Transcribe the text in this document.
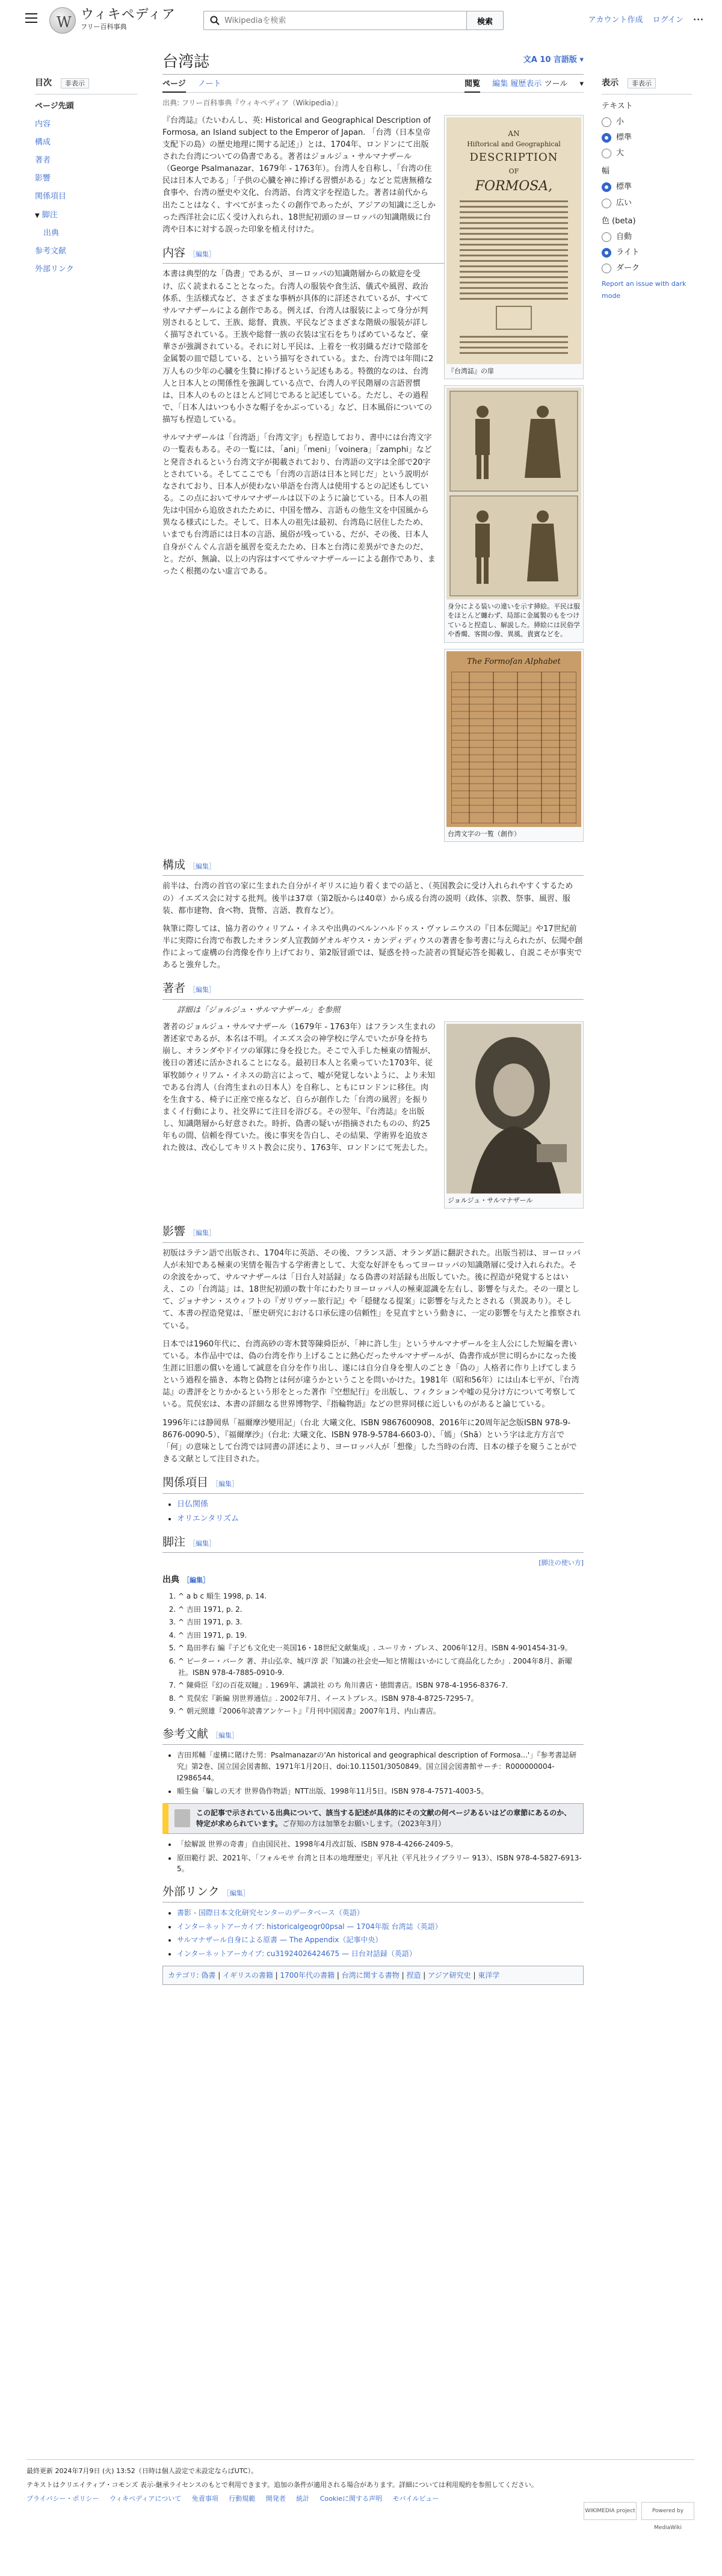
W ウィキペディア
フリー百科事典
Wikipediaを検索
検索	アカウント作成 ログイン ···
目次 非表示
ページ先頭
内容
構成
著者
影響
関係項目
▼ 脚注
出典
参考文献
外部リンク
表示 非表示
テキスト
小
標準
大
幅
標準
広い
色 (beta)
自動
ライト
ダーク
Report an issue with dark mode
台湾誌	文A 10 言語版 ▾
ページ ノート	閲覧 編集 履歴表示 ツール ▾
出典: フリー百科事典『ウィキペディア（Wikipedia）』
AN
Hiſtorical and Geographical
DESCRIPTION
OF
FORMOSA,
『台湾誌』の扉

『台湾誌』（たいわんし、英: Historical and Geographical Description of Formosa, an Island subject to the Emperor of Japan. 「台湾（日本皇帝支配下の島）の歴史地理に関する記述」）とは、1704年、ロンドンにて出版された台湾についての偽書である。著者はジョルジュ・サルマナザール（George Psalmanazar、1679年 - 1763年）。台湾人を自称し、「台湾の住民は日本人である」「子供の心臓を神に捧げる習慣がある」などと荒唐無稽な食事や、台湾の歴史や文化、台湾語、台湾文字を捏造した。著者は前代から出たことはなく、すべてがまったくの創作であったが、アジアの知識に乏しかった西洋社会に広く受け入れられ、18世紀初頭のヨーロッパの知識階級に台湾や日本に対する誤った印象を植え付けた。

内容 ［編集］
身分による装いの違いを示す挿絵。平民は服をほとんど纏わず、局部に金属製のもをつけていると捏造し、解説した。挿絵には民俗学や香燭、客間の像、異風、貴賓などを。

本書は典型的な「偽書」であるが、ヨーロッパの知識階層からの歓迎を受け、広く読まれることとなった。台湾人の服装や食生活、儀式や風習、政治体系、生活様式など、さまざまな事柄が具体的に詳述されているが、すべてサルマナザールによる創作である。例えば、台湾人は服装によって身分が判別されるとして、王族、総督、貴族、平民などさまざまな階級の服装が詳しく描写されている。王族や総督一族の衣装は宝石をちりばめているなど、豪華さが強調されている。それに対し平民は、上着を一枚羽織るだけで陰部を金属製の皿で隠している、という描写をされている。また、台湾では年間に2万人もの少年の心臓を生贄に捧げるという記述もある。特徴的なのは、台湾人と日本人との関係性を強調している点で、台湾人の平民階層の言語習慣は、日本人のものとほとんど同じであると記述している。ただし、その過程で、「日本人はいつも小さな帽子をかぶっている」など、日本風俗についての描写も捏造している。

The Formoſan Alphabet
台湾文字の一覧（創作）

サルマナザールは「台湾語」「台湾文字」も捏造しており、書中には台湾文字の一覧表もある。その一覧には、「ani」「meni」「voinera」「zamphi」などと発音されるという台湾文字が掲載されており、台湾語の文字は全部で20字とされている。そしてここでも「台湾の言語は日本と同じだ」という説明がなされており、日本人が使わない単語を台湾人は使用するとの記述もしている。この点においてサルマナザールは以下のように論じている。日本人の祖先は中国から追放されたために、中国を憎み、言語もの他生文を中国風から異なる様式にした。そして、日本人の祖先は最初、台湾島に居住したため、いまでも台湾語には日本の言語、風俗が残っている、だが、その後、日本人自身がぐんぐん言語を風習を変えたため、日本と台湾に差異ができたのだ、と。だが、無論、以上の内容はすべてサルマナザールーによる創作であり、まったく根拠のない虚言である。

構成 ［編集］

前半は、台湾の首官の家に生まれた自分がイギリスに辿り着くまでの話と、（英国教会に受け入れられやすくするための）イエズス会に対する批判。後半は37章（第2版からは40章）から成る台湾の説明（政体、宗教、祭事、風習、服装、都市建物、食べ物、貨幣、言語、教育など）。

執筆に際しては、協力者のウィリアム・イネスや出典のベルンハルドゥス・ヴァレニウスの『日本伝聞記』や17世紀前半に実際に台湾で布教したオランダ人宣教師ゲオルギウス・カンディディウスの著書を参考書に与えられたが、伝聞や創作によって虚構の台湾像を作り上げており、第2版冒頭では、疑惑を持った読者の質疑応答を掲載し、自説こそが事実であると強弁した。

著者 ［編集］
詳細は「ジョルジュ・サルマナザール」を参照
ジョルジュ・サルマナザール

著者のジョルジュ・サルマナザール（1679年 - 1763年）はフランス生まれの著述家であるが、本名は不明。イエズス会の神学校に学んでいたが身を持ち崩し、オランダやドイツの軍隊に身を投じた。そこで入手した極東の情報が、後日の著述に活かされることになる。最初日本人と名乗っていた1703年、従軍牧師ウィリアム・イネスの助言によって、嘘が発覚しないように、より未知である台湾人（台湾生まれの日本人）を自称し、ともにロンドンに移住。肉を生食する、椅子に正座で座るなど、自らが創作した「台湾の風習」を振りまくイ行動により、社交界にて注目を浴びる。その翌年、『台湾誌』を出版し、知識階層から好意された。時折、偽書の疑いが指摘されたものの、約25年もの間、信頼を得ていた。後に事実を告白し、その結果、学術界を追放された彼は、改心してキリスト教会に戻り、1763年、ロンドンにて死去した。

影響 ［編集］

初版はラテン語で出版され、1704年に英語、その後、フランス語、オランダ語に翻訳された。出版当初は、ヨーロッパ人が未知である極東の実情を報告する学術書として、大変な好評をもってヨーロッパの知識階層に受け入れられた。その余波をかって、サルマナザールは「日台人対話録」なる偽書の対話録も出版していた。後に捏造が発覚するとはいえ、この「台湾誌」は、18世紀初頭の数十年にわたりヨーロッパ人の極東認識を左右し、影響を与えた。その一環として、ジョナサン・スウィフトの『ガリヴァー旅行記』や「穏健なる提案」に影響を与えたとされる（異説あり）。そして、本書の捏造発覚は、「歴史研究における口承伝達の信頼性」を見直すという動きに、一定の影響を与えたと推察されている。

日本では1960年代に、台湾高砂の寄木賛等陳舜臣が、「神に許し生」というサルマナザールを主人公にした短編を書いている。本作品中では、偽の台湾を作り上げることに熱心だったサルマナザールが、偽書作成が世に明らかになった後生涯に旧悪の償いを通して誠意を自分を作り出し、遂には自分自身を聖人のごとき「偽の」人格者に作り上げてしまうという過程を描き、本物と偽物とは何が違うかということを問いかけた。1981年（昭和56年）には山本七平が、『台湾誌』の書評をとりかかるという形をとった著作『空想紀行』を出版し、フィクションや嘘の見分け方について考察している。荒俣宏は、本書の詳細なる世界博物学、『指輪物語』などの世界同様に近しいものがあると論じている。

1996年には静岡県「福爾摩沙變用記」（台北 大曦文化、ISBN 9867600908、2016年に20周年記念版ISBN 978-9-8676-0090-5）、『福爾摩沙』（台北: 大曦文化、ISBN 978-9-5784-6603-0）、「嫣」（Shā）という字は北方方言で「何」の意味として台湾では同書の詳述により、ヨーロッパ人が「想像」した当時の台湾、日本の様子を窺うことができる文献として注目された。

関係項目 ［編集］
• 日仏関係
• オリエンタリズム
脚注 ［編集］
[脚注の使い方]
出典 ［編集］
1. ^ a b c 順生 1998, p. 14.
2. ^ 吉田 1971, p. 2.
3. ^ 吉田 1971, p. 3.
4. ^ 吉田 1971, p. 19.
5. ^ 島田孝右 編『子ども文化史一英国16・18世紀文献集成』. ユーリカ・プレス、2006年12月。ISBN 4-901454-31-9。
6. ^ ピーター・バーク 著、井山弘幸、城戸淳 訳『知識の社会史―知と情報はいかにして商品化したか』. 2004年8月、新曜社。ISBN 978-4-7885-0910-9.
7. ^ 陳舜臣『幻の百花双瞳』. 1969年、講談社 のち 角川書店・徳間書店。ISBN 978-4-1956-8376-7.
8. ^ 荒俣宏『新編 別世界通信』. 2002年7月、イーストプレス。ISBN 978-4-8725-7295-7。
9. ^ 朝元照雄『2006年読書アンケート』『月刊中国図書』2007年1月、内山書店。
参考文献 ［編集］
• 吉田邦輔「虚構に賭けた男：Psalmanazarの'An historical and geographical description of Formosa...'」『参考書誌研究』第2巻、国立国会図書館、1971年1月20日、doi:10.11501/3050849。国立国会図書館サーチ：R000000004-I2986544。
• 順生倫「騙しの天才 世界偽作物語」NTT出版、1998年11月5日。ISBN 978-4-7571-4003-5。
この記事で示されている出典について、該当する記述が具体的にその文献の何ページあるいはどの章節にあるのか、特定が求められています。ご存知の方は加筆をお願いします。（2023年3月）
• 「絵解説 世界の奇書」自由国民社、1998年4月改訂版、ISBN 978-4-4266-2409-5。
• 原田範行 訳、2021年、「フォルモサ 台湾と日本の地理歴史」平凡社（平凡社ライブラリー 913）、ISBN 978-4-5827-6913-5。
外部リンク ［編集］
• 書影 ‐ 国際日本文化研究センターのデータベース（英語）
• インターネットアーカイブ: historicalgeogr00psal — 1704年版 台湾誌（英語）
• サルマナザール自身による原書 — The Appendix（記事中央）
• インターネットアーカイブ: cu31924026424675 — 日台対話録（英語）
カテゴリ: 偽書 | イギリスの書籍 | 1700年代の書籍 | 台湾に関する書物 | 捏造 | アジア研究史 | 東洋学

最終更新 2024年7月9日 (火) 13:52（日時は個人設定で未設定ならばUTC）。

テキストはクリエイティブ・コモンズ 表示-継承ライセンスのもとで利用できます。追加の条件が適用される場合があります。詳細については利用規約を参照してください。

プライバシー・ポリシー ウィキペディアについて 免責事項 行動規範 開発者 統計 Cookieに関する声明 モバイルビュー

WIKIMEDIA project	Powered by MediaWiki
